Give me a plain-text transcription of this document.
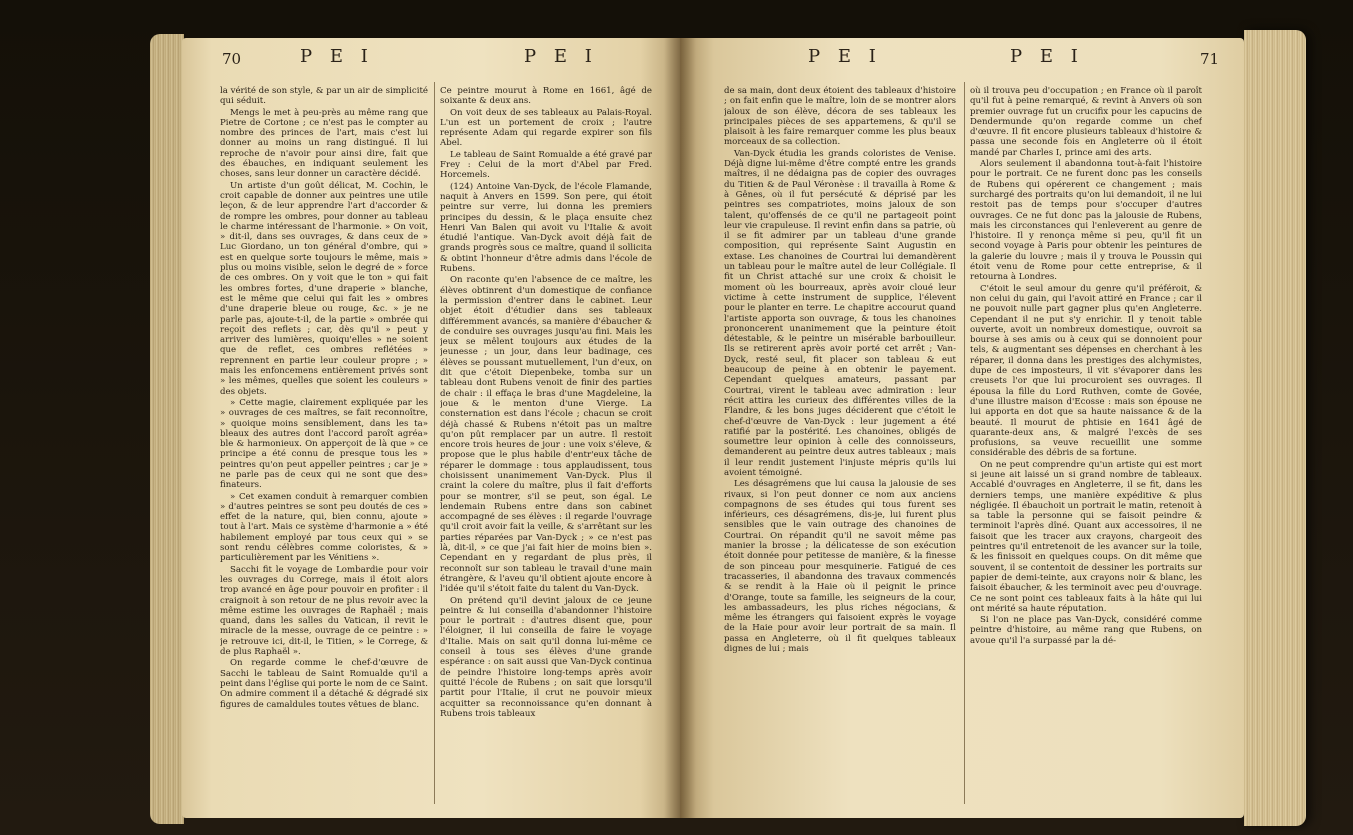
70	P E I	P E I

la vérité de son style, & par un air de simplicité qui séduit.

Mengs le met à peu-près au même rang que Pietre de Cortone ; ce n'est pas le compter au nombre des princes de l'art, mais c'est lui donner au moins un rang distingué. Il lui reproche de n'avoir pour ainsi dire, fait que des ébauches, en indiquant seulement les choses, sans leur donner un caractère décidé.

Un artiste d'un goût délicat, M. Cochin, le croit capable de donner aux peintres une utile leçon, & de leur apprendre l'art d'accorder & de rompre les ombres, pour donner au tableau le charme intéressant de l'harmonie. » On voit, » dit-il, dans ses ouvrages, & dans ceux de » Luc Giordano, un ton général d'ombre, qui » est en quelque sorte toujours le même, mais » plus ou moins visible, selon le degré de » force de ces ombres. On y voit que le ton » qui fait les ombres fortes, d'une draperie » blanche, est le même que celui qui fait les » ombres d'une draperie bleue ou rouge, &c. » je ne parle pas, ajoute-t-il, de la partie » ombrée qui reçoit des reflets ; car, dès qu'il » peut y arriver des lumières, quoiqu'elles » ne soient que de reflet, ces ombres reflétées » reprennent en partie leur couleur propre ; » mais les enfoncemens entièrement privés sont » les mêmes, quelles que soient les couleurs » des objets.

» Cette magie, clairement expliquée par les » ouvrages de ces maîtres, se fait reconnoître, » quoique moins sensiblement, dans les ta» bleaux des autres dont l'accord paroît agréa» ble & harmonieux. On apperçoit de là que » ce principe a été connu de presque tous les » peintres qu'on peut appeller peintres ; car je » ne parle pas de ceux qui ne sont que des» finateurs.

» Cet examen conduit à remarquer combien » d'autres peintres se sont peu doutés de ces » effet de la nature, qui, bien connu, ajoute » tout à l'art. Mais ce système d'harmonie a » été habilement employé par tous ceux qui » se sont rendu célèbres comme coloristes, & » particulièrement par les Vénitiens ».

Sacchi fit le voyage de Lombardie pour voir les ouvrages du Correge, mais il étoit alors trop avancé en âge pour pouvoir en profiter : il craignoit à son retour de ne plus revoir avec la même estime les ouvrages de Raphaël ; mais quand, dans les salles du Vatican, il revit le miracle de la messe, ouvrage de ce peintre : » je retrouve ici, dit-il, le Titien, » le Correge, & de plus Raphaël ».

On regarde comme le chef-d'œuvre de Sacchi le tableau de Saint Romualde qu'il a peint dans l'église qui porte le nom de ce Saint. On admire comment il a détaché & dégradé six figures de camaldules toutes vêtues de blanc.

Ce peintre mourut à Rome en 1661, âgé de soixante & deux ans.

On voit deux de ses tableaux au Palais-Royal. L'un est un portement de croix ; l'autre représente Adam qui regarde expirer son fils Abel.

Le tableau de Saint Romualde a été gravé par Frey : Celui de la mort d'Abel par Fred. Horcemels.

(124) Antoine Van-Dyck, de l'école Flamande, naquit à Anvers en 1599. Son pere, qui étoit peintre sur verre, lui donna les premiers principes du dessin, & le plaça ensuite chez Henri Van Balen qui avoit vu l'Italie & avoit étudié l'antique. Van-Dyck avoit déjà fait de grands progrès sous ce maître, quand il sollicita & obtint l'honneur d'être admis dans l'école de Rubens.

On raconte qu'en l'absence de ce maître, les élèves obtinrent d'un domestique de confiance la permission d'entrer dans le cabinet. Leur objet étoit d'étudier dans ses tableaux différemment avancés, sa manière d'ébaucher & de conduire ses ouvrages jusqu'au fini. Mais les jeux se mêlent toujours aux études de la jeunesse ; un jour, dans leur badinage, ces élèves se poussant mutuellement, l'un d'eux, on dit que c'étoit Diepenbeke, tomba sur un tableau dont Rubens venoit de finir des parties de chair : il effaça le bras d'une Magdeleine, la joue & le menton d'une Vierge. La consternation est dans l'école ; chacun se croit déjà chassé & Rubens n'étoit pas un maître qu'on pût remplacer par un autre. Il restoit encore trois heures de jour : une voix s'éleve, & propose que le plus habile d'entr'eux tâche de réparer le dommage : tous applaudissent, tous choisissent unanimement Van-Dyck. Plus il craint la colere du maître, plus il fait d'efforts pour se montrer, s'il se peut, son égal. Le lendemain Rubens entre dans son cabinet accompagné de ses élèves : il regarde l'ouvrage qu'il croit avoir fait la veille, & s'arrêtant sur les parties réparées par Van-Dyck ; » ce n'est pas là, dit-il, » ce que j'ai fait hier de moins bien ». Cependant en y regardant de plus près, il reconnoît sur son tableau le travail d'une main étrangère, & l'aveu qu'il obtient ajoute encore à l'idée qu'il s'étoit faite du talent du Van-Dyck.

On prétend qu'il devint jaloux de ce jeune peintre & lui conseilla d'abandonner l'histoire pour le portrait : d'autres disent que, pour l'éloigner, il lui conseilla de faire le voyage d'Italie. Mais on sait qu'il donna lui-même ce conseil à tous ses élèves d'une grande espérance : on sait aussi que Van-Dyck continua de peindre l'histoire long-temps après avoir quitté l'école de Rubens ; on sait que lorsqu'il partit pour l'Italie, il crut ne pouvoir mieux acquitter sa reconnoissance qu'en donnant à Rubens trois tableaux

P E I	P E I	71

de sa main, dont deux étoient des tableaux d'histoire ; on fait enfin que le maître, loin de se montrer alors jaloux de son élève, décora de ses tableaux les principales pièces de ses appartemens, & qu'il se plaisoit à les faire remarquer comme les plus beaux morceaux de sa collection.

Van-Dyck étudia les grands coloristes de Venise. Déjà digne lui-même d'être compté entre les grands maîtres, il ne dédaigna pas de copier des ouvrages du Titien & de Paul Véronèse : il travailla à Rome & à Gênes, où il fut persécuté & déprisé par les peintres ses compatriotes, moins jaloux de son talent, qu'offensés de ce qu'il ne partageoit point leur vie crapuleuse. Il revint enfin dans sa patrie, où il se fit admirer par un tableau d'une grande composition, qui représente Saint Augustin en extase. Les chanoines de Courtrai lui demandèrent un tableau pour le maître autel de leur Collégiale. Il fit un Christ attaché sur une croix & choisit le moment où les bourreaux, après avoir cloué leur victime à cette instrument de supplice, l'élevent pour le planter en terre. Le chapitre accourut quand l'artiste apporta son ouvrage, & tous les chanoines prononcerent unanimement que la peinture étoit détestable, & le peintre un misérable barbouilleur. Ils se retirerent après avoir porté cet arrêt ; Van-Dyck, resté seul, fit placer son tableau & eut beaucoup de peine à en obtenir le payement. Cependant quelques amateurs, passant par Courtrai, virent le tableau avec admiration : leur récit attira les curieux des différentes villes de la Flandre, & les bons juges déciderent que c'étoit le chef-d'œuvre de Van-Dyck : leur jugement a été ratifié par la postérité. Les chanoines, obligés de soumettre leur opinion à celle des connoisseurs, demanderent au peintre deux autres tableaux ; mais il leur rendit justement l'injuste mépris qu'ils lui avoient témoigné.

Les désagrémens que lui causa la jalousie de ses rivaux, si l'on peut donner ce nom aux anciens compagnons de ses études qui tous furent ses inférieurs, ces désagrémens, dis-je, lui furent plus sensibles que le vain outrage des chanoines de Courtrai. On répandit qu'il ne savoit même pas manier la brosse ; la délicatesse de son exécution étoit donnée pour petitesse de manière, & la finesse de son pinceau pour mesquinerie. Fatigué de ces tracasseries, il abandonna des travaux commencés & se rendit à la Haie où il peignit le prince d'Orange, toute sa famille, les seigneurs de la cour, les ambassadeurs, les plus riches négocians, & même les étrangers qui faisoient exprès le voyage de la Haie pour avoir leur portrait de sa main. Il passa en Angleterre, où il fit quelques tableaux dignes de lui ; mais

où il trouva peu d'occupation ; en France où il paroît qu'il fut à peine remarqué, & revint à Anvers où son premier ouvrage fut un crucifix pour les capucins de Dendermunde qu'on regarde comme un chef d'œuvre. Il fit encore plusieurs tableaux d'histoire & passa une seconde fois en Angleterre où il étoit mandé par Charles I, prince ami des arts.

Alors seulement il abandonna tout-à-fait l'histoire pour le portrait. Ce ne furent donc pas les conseils de Rubens qui opérerent ce changement ; mais surchargé des portraits qu'on lui demandoit, il ne lui restoit pas de temps pour s'occuper d'autres ouvrages. Ce ne fut donc pas la jalousie de Rubens, mais les circonstances qui l'enleverent au genre de l'histoire. Il y renonça même si peu, qu'il fit un second voyage à Paris pour obtenir les peintures de la galerie du louvre ; mais il y trouva le Poussin qui étoit venu de Rome pour cette entreprise, & il retourna à Londres.

C'étoit le seul amour du genre qu'il préféroit, & non celui du gain, qui l'avoit attiré en France ; car il ne pouvoit nulle part gagner plus qu'en Angleterre. Cependant il ne put s'y enrichir. Il y tenoit table ouverte, avoit un nombreux domestique, ouvroit sa bourse à ses amis ou à ceux qui se donnoient pour tels, & augmentant ses dépenses en cherchant à les réparer, il donna dans les prestiges des alchymistes, dupe de ces imposteurs, il vit s'évaporer dans les creusets l'or que lui procuroient ses ouvrages. Il épousa la fille du Lord Ruthven, comte de Govée, d'une illustre maison d'Ecosse : mais son épouse ne lui apporta en dot que sa haute naissance & de la beauté. Il mourut de phtisie en 1641 âgé de quarante-deux ans, & malgré l'excès de ses profusions, sa veuve recueillit une somme considérable des débris de sa fortune.

On ne peut comprendre qu'un artiste qui est mort si jeune ait laissé un si grand nombre de tableaux. Accablé d'ouvrages en Angleterre, il se fit, dans les derniers temps, une manière expéditive & plus négligée. Il ébauchoit un portrait le matin, retenoit à sa table la personne qui se faisoit peindre & terminoit l'après dîné. Quant aux accessoires, il ne faisoit que les tracer aux crayons, chargeoit des peintres qu'il entretenoit de les avancer sur la toile, & les finissoit en quelques coups. On dit même que souvent, il se contentoit de dessiner les portraits sur papier de demi-teinte, aux crayons noir & blanc, les faisoit ébaucher, & les terminoit avec peu d'ouvrage. Ce ne sont point ces tableaux faits à la hâte qui lui ont mérité sa haute réputation.

Si l'on ne place pas Van-Dyck, considéré comme peintre d'histoire, au même rang que Rubens, on avoue qu'il l'a surpassé par la dé-
